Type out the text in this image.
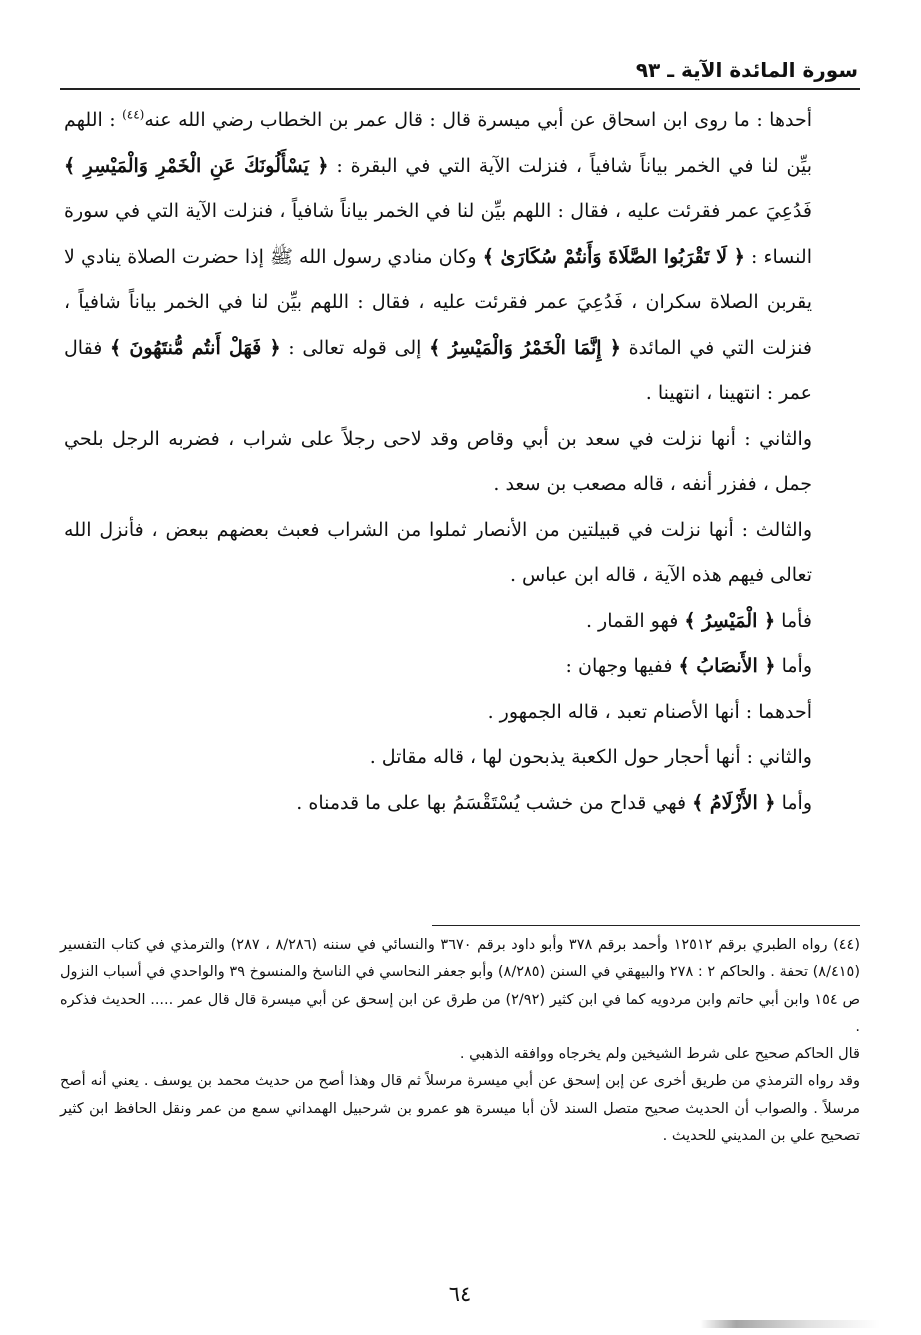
سورة المائدة الآية ـ ٩٣

أحدها : ما روى ابن اسحاق عن أبي ميسرة قال : قال عمر بن الخطاب رضي الله عنه$^{(٤٤)}$ : اللهم بيِّن لنا في الخمر بياناً شافياً ، فنزلت الآية التي في البقرة : ﴿ يَسْأَلُونَكَ عَنِ الْخَمْرِ وَالْمَيْسِرِ ﴾ فَدُعِيَ عمر فقرئت عليه ، فقال : اللهم بيِّن لنا في الخمر بياناً شافياً ، فنزلت الآية التي في سورة النساء : ﴿ لَا تَقْرَبُوا الصَّلَاةَ وَأَنتُمْ سُكَارَىٰ ﴾ وكان منادي رسول الله ﷺ إذا حضرت الصلاة ينادي لا يقربن الصلاة سكران ، فَدُعِيَ عمر فقرئت عليه ، فقال : اللهم بيِّن لنا في الخمر بياناً شافياً ، فنزلت التي في المائدة ﴿ إِنَّمَا الْخَمْرُ وَالْمَيْسِرُ ﴾ إلى قوله تعالى : ﴿ فَهَلْ أَنتُم مُّنتَهُونَ ﴾ فقال عمر : انتهينا ، انتهينا .

والثاني : أنها نزلت في سعد بن أبي وقاص وقد لاحى رجلاً على شراب ، فضربه الرجل بلحي جمل ، ففزر أنفه ، قاله مصعب بن سعد .

والثالث : أنها نزلت في قبيلتين من الأنصار ثملوا من الشراب فعبث بعضهم ببعض ، فأنزل الله تعالى فيهم هذه الآية ، قاله ابن عباس .

فأما ﴿ الْمَيْسِرُ ﴾ فهو القمار .

وأما ﴿ الأَنصَابُ ﴾ ففيها وجهان :

أحدهما : أنها الأصنام تعبد ، قاله الجمهور .

والثاني : أنها أحجار حول الكعبة يذبحون لها ، قاله مقاتل .

وأما ﴿ الأَزْلَامُ ﴾ فهي قداح من خشب يُسْتَقْسَمُ بها على ما قدمناه .

(٤٤) رواه الطبري برقم ١٢٥١٢ وأحمد برقم ٣٧٨ وأبو داود برقم ٣٦٧٠ والنسائي في سننه (٨/٢٨٦ ، ٢٨٧) والترمذي في كتاب التفسير (٨/٤١٥) تحفة . والحاكم ٢ : ٢٧٨ والبيهقي في السنن (٨/٢٨٥) وأبو جعفر النحاسي في الناسخ والمنسوخ ٣٩ والواحدي في أسباب النزول ص ١٥٤ وابن أبي حاتم وابن مردويه كما في ابن كثير (٢/٩٢) من طرق عن ابن إسحق عن أبي ميسرة قال قال عمر ..... الحديث فذكره .

قال الحاكم صحيح على شرط الشيخين ولم يخرجاه ووافقه الذهبي .

وقد رواه الترمذي من طريق أخرى عن إبن إسحق عن أبي ميسرة مرسلاً ثم قال وهذا أصح من حديث محمد بن يوسف . يعني أنه أصح مرسلاً . والصواب أن الحديث صحيح متصل السند لأن أبا ميسرة هو عمرو بن شرحبيل الهمداني سمع من عمر ونقل الحافظ ابن كثير تصحيح علي بن المديني للحديث .

٦٤
